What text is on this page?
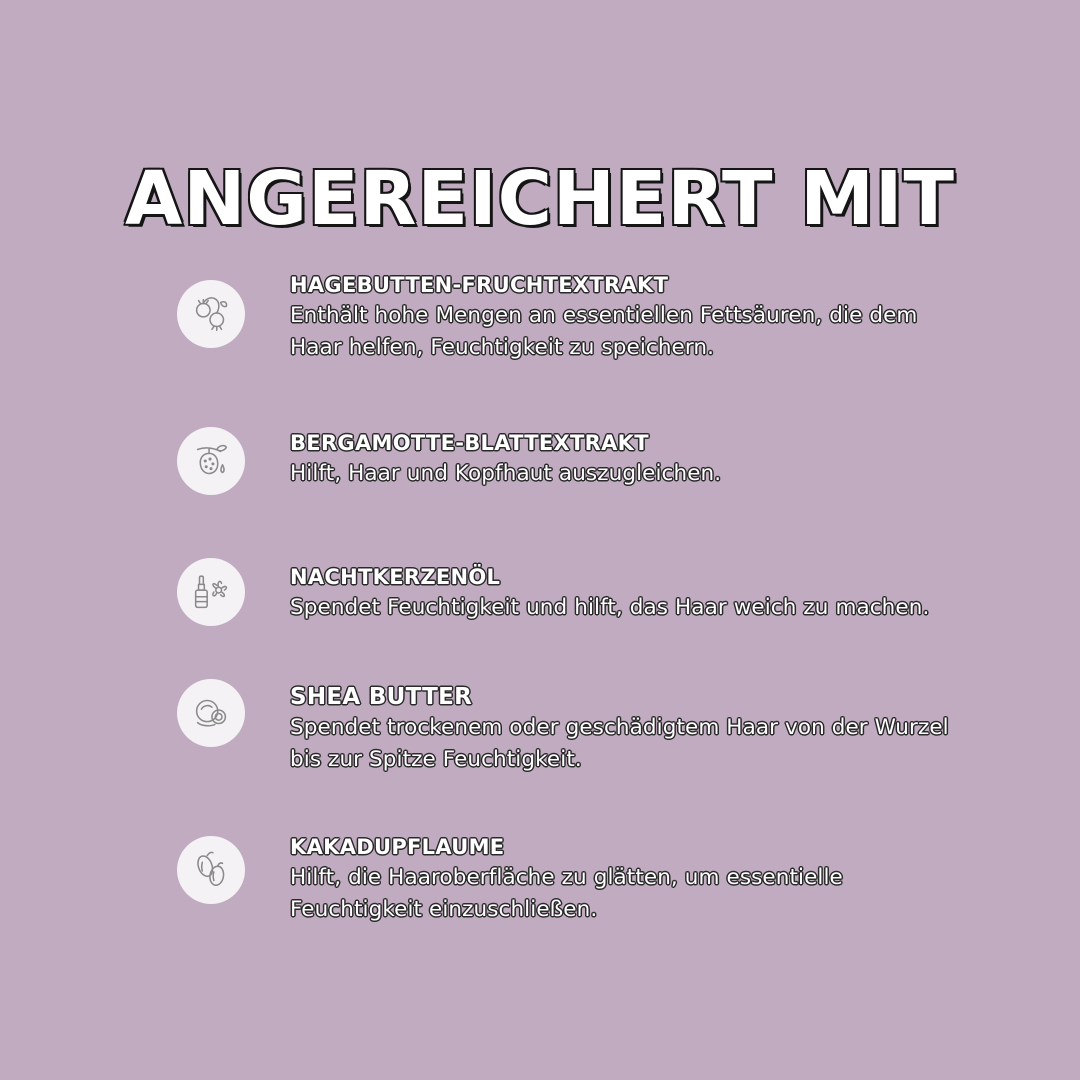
ANGEREICHERT MIT
HAGEBUTTEN-FRUCHTEXTRAKT
Enthält hohe Mengen an essentiellen Fettsäuren, die dem
Haar helfen, Feuchtigkeit zu speichern.
BERGAMOTTE-BLATTEXTRAKT
Hilft, Haar und Kopfhaut auszugleichen.
NACHTKERZENÖL
Spendet Feuchtigkeit und hilft, das Haar weich zu machen.
SHEA BUTTER
Spendet trockenem oder geschädigtem Haar von der Wurzel
bis zur Spitze Feuchtigkeit.
KAKADUPFLAUME
Hilft, die Haaroberfläche zu glätten, um essentielle
Feuchtigkeit einzuschließen.
